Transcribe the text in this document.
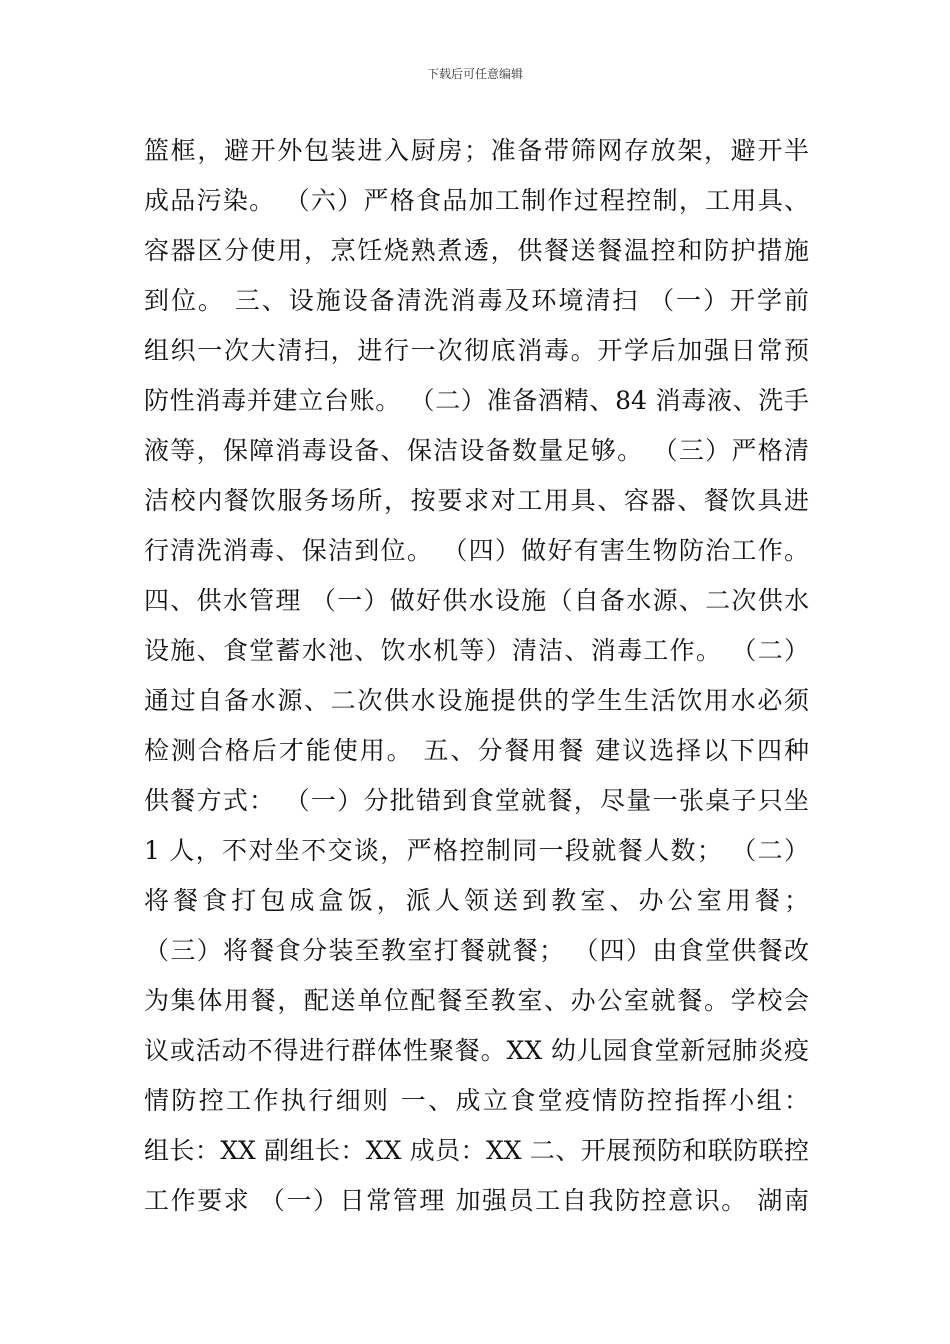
下载后可任意编辑
篮框，避开外包装进入厨房；准备带筛网存放架，避开半
成品污染。 （六）严格食品加工制作过程控制，工用具、
容器区分使用，烹饪烧熟煮透，供餐送餐温控和防护措施
到位。 三、设施设备清洗消毒及环境清扫 （一）开学前
组织一次大清扫，进行一次彻底消毒。开学后加强日常预
防性消毒并建立台账。 （二）准备酒精、84 消毒液、洗手
液等，保障消毒设备、保洁设备数量足够。 （三）严格清
洁校内餐饮服务场所，按要求对工用具、容器、餐饮具进
行清洗消毒、保洁到位。 （四）做好有害生物防治工作。
四、供水管理 （一）做好供水设施（自备水源、二次供水
设施、食堂蓄水池、饮水机等）清洁、消毒工作。 （二）
通过自备水源、二次供水设施提供的学生生活饮用水必须
检测合格后才能使用。 五、分餐用餐 建议选择以下四种
供餐方式： （一）分批错到食堂就餐，尽量一张桌子只坐
1 人，不对坐不交谈，严格控制同一段就餐人数； （二）
将餐食打包成盒饭，派人领送到教室、办公室用餐；
（三）将餐食分装至教室打餐就餐； （四）由食堂供餐改
为集体用餐，配送单位配餐至教室、办公室就餐。学校会
议或活动不得进行群体性聚餐。XX 幼儿园食堂新冠肺炎疫
情防控工作执行细则 一、成立食堂疫情防控指挥小组：
组长：XX 副组长：XX 成员：XX 二、开展预防和联防联控
工作要求 （一）日常管理 加强员工自我防控意识。 湖南
